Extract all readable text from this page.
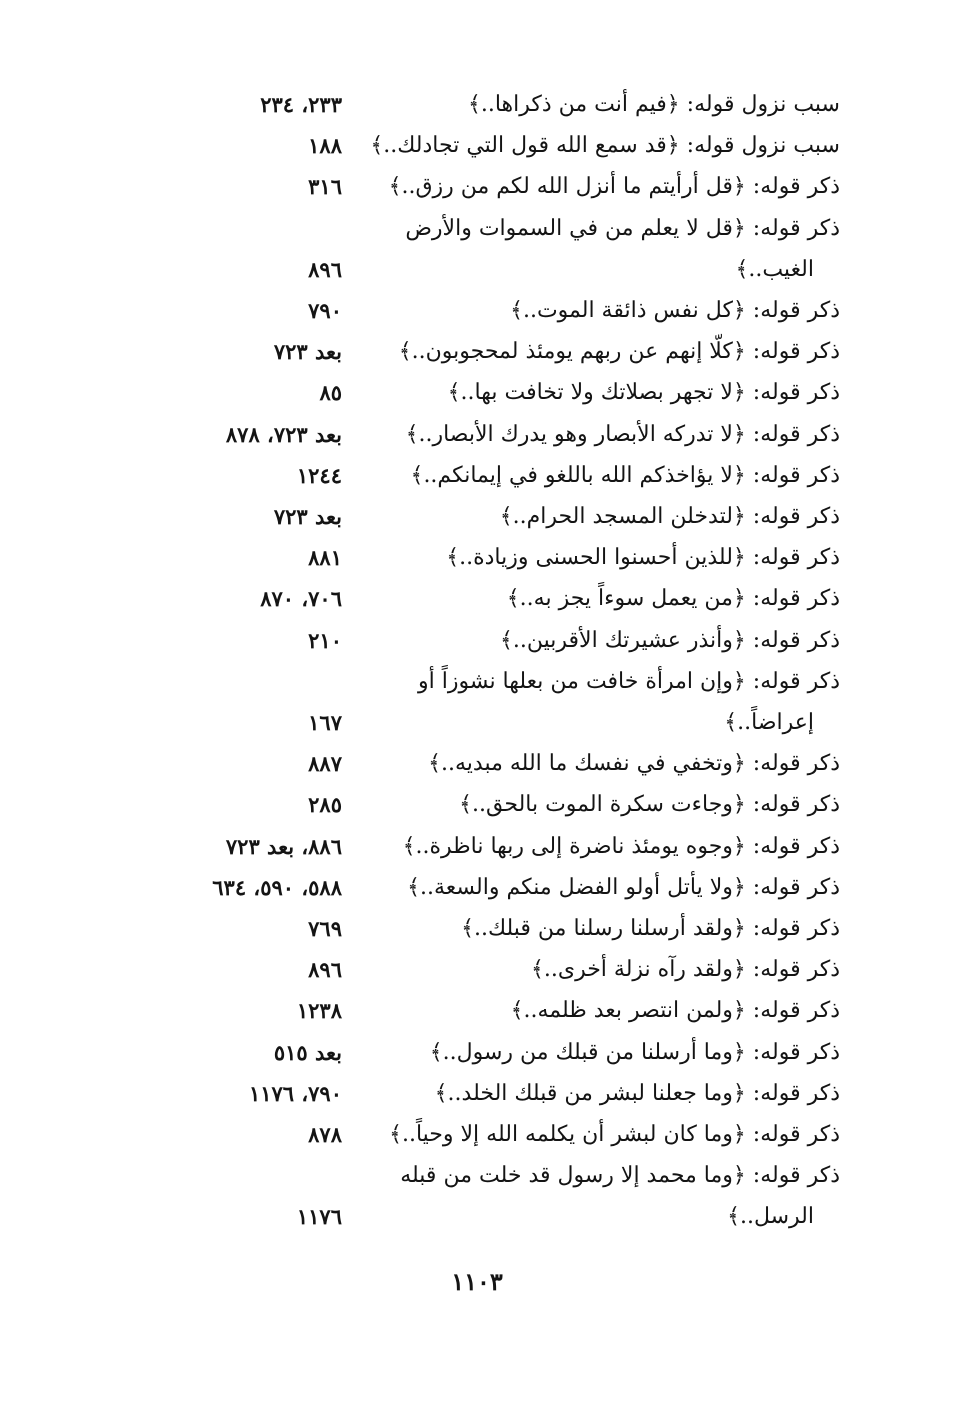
سبب نزول قوله: ﴿فيم أنت من ذكراها..﴾
٢٣٣، ٢٣٤
سبب نزول قوله: ﴿قد سمع الله قول التي تجادلك..﴾
١٨٨
ذكر قوله: ﴿قل أرأيتم ما أنزل الله لكم من رزق..﴾
٣١٦
ذكر قوله: ﴿قل لا يعلم من في السموات والأرض
الغيب..﴾
٨٩٦
ذكر قوله: ﴿كل نفس ذائقة الموت..﴾
٧٩٠
ذكر قوله: ﴿كلّا إنهم عن ربهم يومئذ لمحجوبون..﴾
بعد ٧٢٣
ذكر قوله: ﴿لا تجهر بصلاتك ولا تخافت بها..﴾
٨٥
ذكر قوله: ﴿لا تدركه الأبصار وهو يدرك الأبصار..﴾
بعد ٧٢٣، ٨٧٨
ذكر قوله: ﴿لا يؤاخذكم الله باللغو في إيمانكم..﴾
١٢٤٤
ذكر قوله: ﴿لتدخلن المسجد الحرام..﴾
بعد ٧٢٣
ذكر قوله: ﴿للذين أحسنوا الحسنى وزيادة..﴾
٨٨١
ذكر قوله: ﴿من يعمل سوءاً يجز به..﴾
٧٠٦، ٨٧٠
ذكر قوله: ﴿وأنذر عشيرتك الأقربين..﴾
٢١٠
ذكر قوله: ﴿وإن امرأة خافت من بعلها نشوزاً أو
إعراضاً..﴾
١٦٧
ذكر قوله: ﴿وتخفي في نفسك ما الله مبديه..﴾
٨٨٧
ذكر قوله: ﴿وجاءت سكرة الموت بالحق..﴾
٢٨٥
ذكر قوله: ﴿وجوه يومئذ ناضرة إلى ربها ناظرة..﴾
٨٨٦، بعد ٧٢٣
ذكر قوله: ﴿ولا يأتل أولو الفضل منكم والسعة..﴾
٥٨٨، ٥٩٠، ٦٣٤
ذكر قوله: ﴿ولقد أرسلنا رسلنا من قبلك..﴾
٧٦٩
ذكر قوله: ﴿ولقد رآه نزلة أخرى..﴾
٨٩٦
ذكر قوله: ﴿ولمن انتصر بعد ظلمه..﴾
١٢٣٨
ذكر قوله: ﴿وما أرسلنا من قبلك من رسول..﴾
بعد ٥١٥
ذكر قوله: ﴿وما جعلنا لبشر من قبلك الخلد..﴾
٧٩٠، ١١٧٦
ذكر قوله: ﴿وما كان لبشر أن يكلمه الله إلا وحياً..﴾
٨٧٨
ذكر قوله: ﴿وما محمد إلا رسول قد خلت من قبله
الرسل..﴾
١١٧٦
١١٠٣
